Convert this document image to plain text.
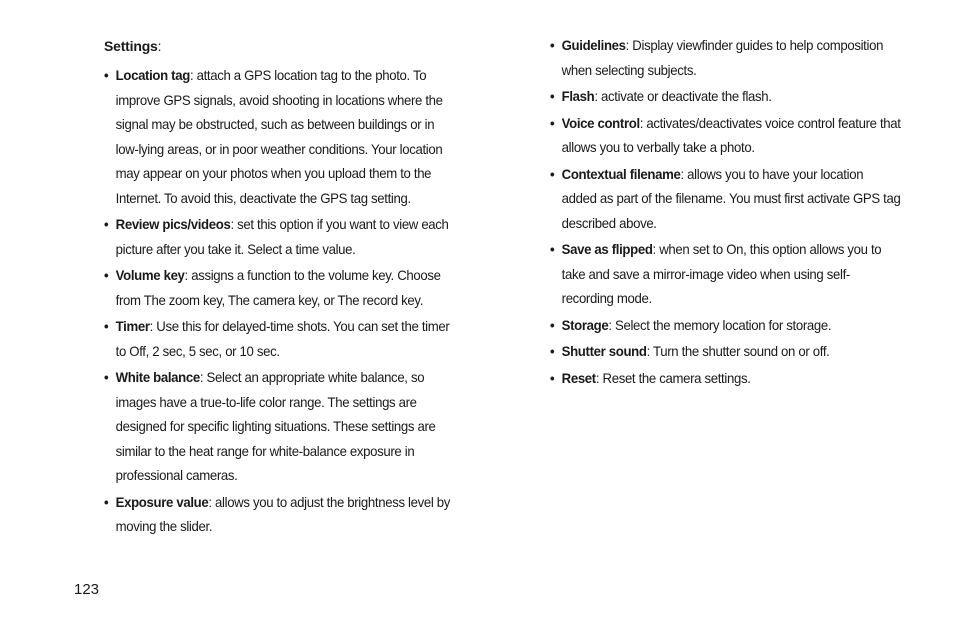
Settings:

• Location tag: attach a GPS location tag to the photo. To improve GPS signals, avoid shooting in locations where the signal may be obstructed, such as between buildings or in low-lying areas, or in poor weather conditions. Your location may appear on your photos when you upload them to the Internet. To avoid this, deactivate the GPS tag setting.
• Review pics/videos: set this option if you want to view each picture after you take it. Select a time value.
• Volume key: assigns a function to the volume key. Choose from The zoom key, The camera key, or The record key.
• Timer: Use this for delayed-time shots. You can set the timer to Off, 2 sec, 5 sec, or 10 sec.
• White balance: Select an appropriate white balance, so images have a true-to-life color range. The settings are designed for specific lighting situations. These settings are similar to the heat range for white-balance exposure in professional cameras.
• Exposure value: allows you to adjust the brightness level by moving the slider.
• Guidelines: Display viewfinder guides to help composition when selecting subjects.
• Flash: activate or deactivate the flash.
• Voice control: activates/deactivates voice control feature that allows you to verbally take a photo.
• Contextual filename: allows you to have your location added as part of the filename. You must first activate GPS tag described above.
• Save as flipped: when set to On, this option allows you to take and save a mirror-image video when using self-recording mode.
• Storage: Select the memory location for storage.
• Shutter sound: Turn the shutter sound on or off.
• Reset: Reset the camera settings.
123
